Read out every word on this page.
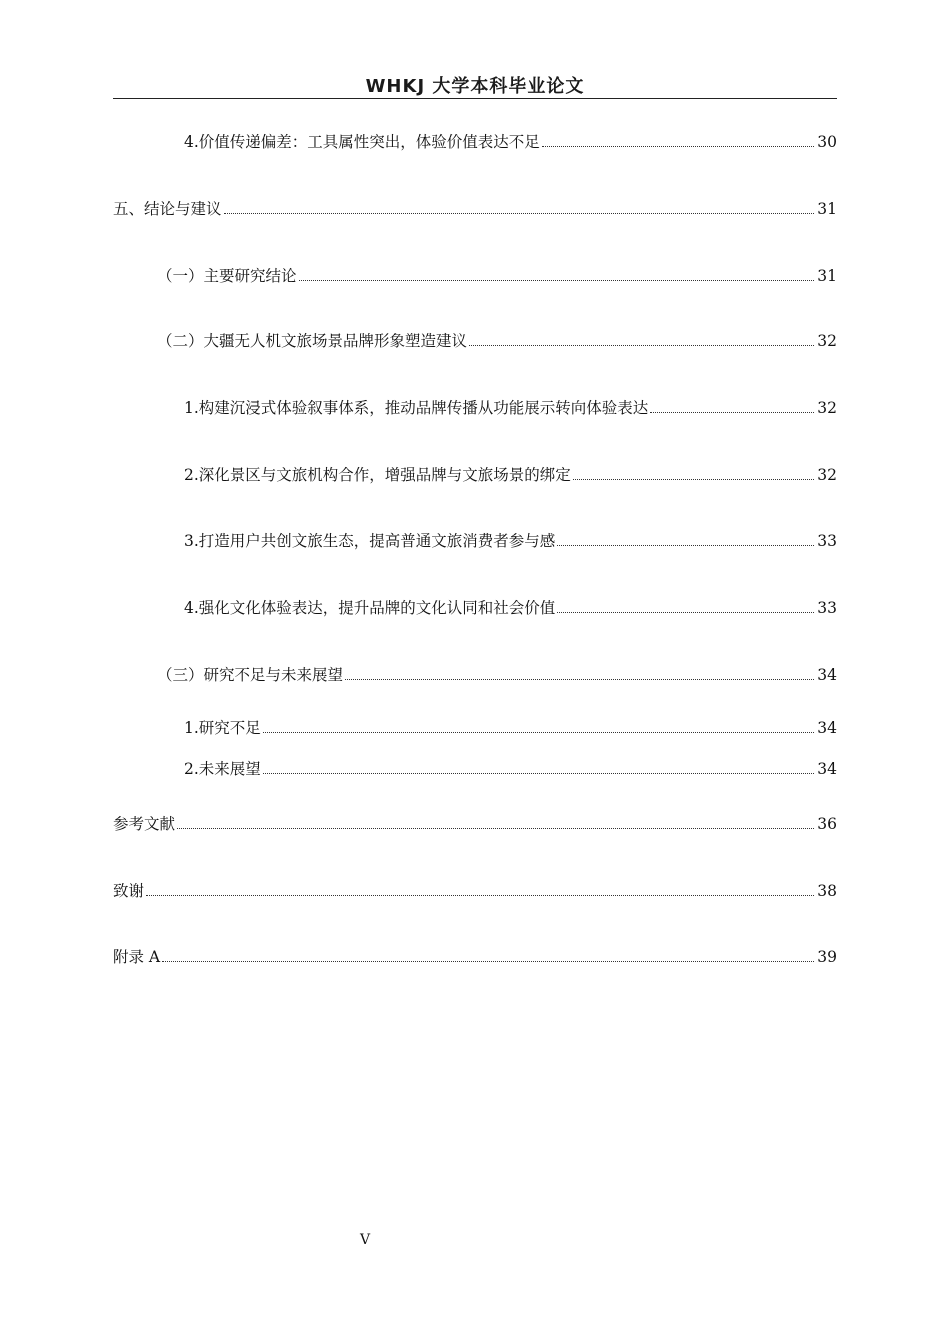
WHKJ 大学本科毕业论文
4.价值传递偏差：工具属性突出，体验价值表达不足	30
五、结论与建议	31
（一）主要研究结论	31
（二）大疆无人机文旅场景品牌形象塑造建议	32
1.构建沉浸式体验叙事体系，推动品牌传播从功能展示转向体验表达	32
2.深化景区与文旅机构合作，增强品牌与文旅场景的绑定	32
3.打造用户共创文旅生态，提高普通文旅消费者参与感	33
4.强化文化体验表达，提升品牌的文化认同和社会价值	33
（三）研究不足与未来展望	34
1.研究不足	34
2.未来展望	34
参考文献	36
致谢	38
附录 A	39
V
